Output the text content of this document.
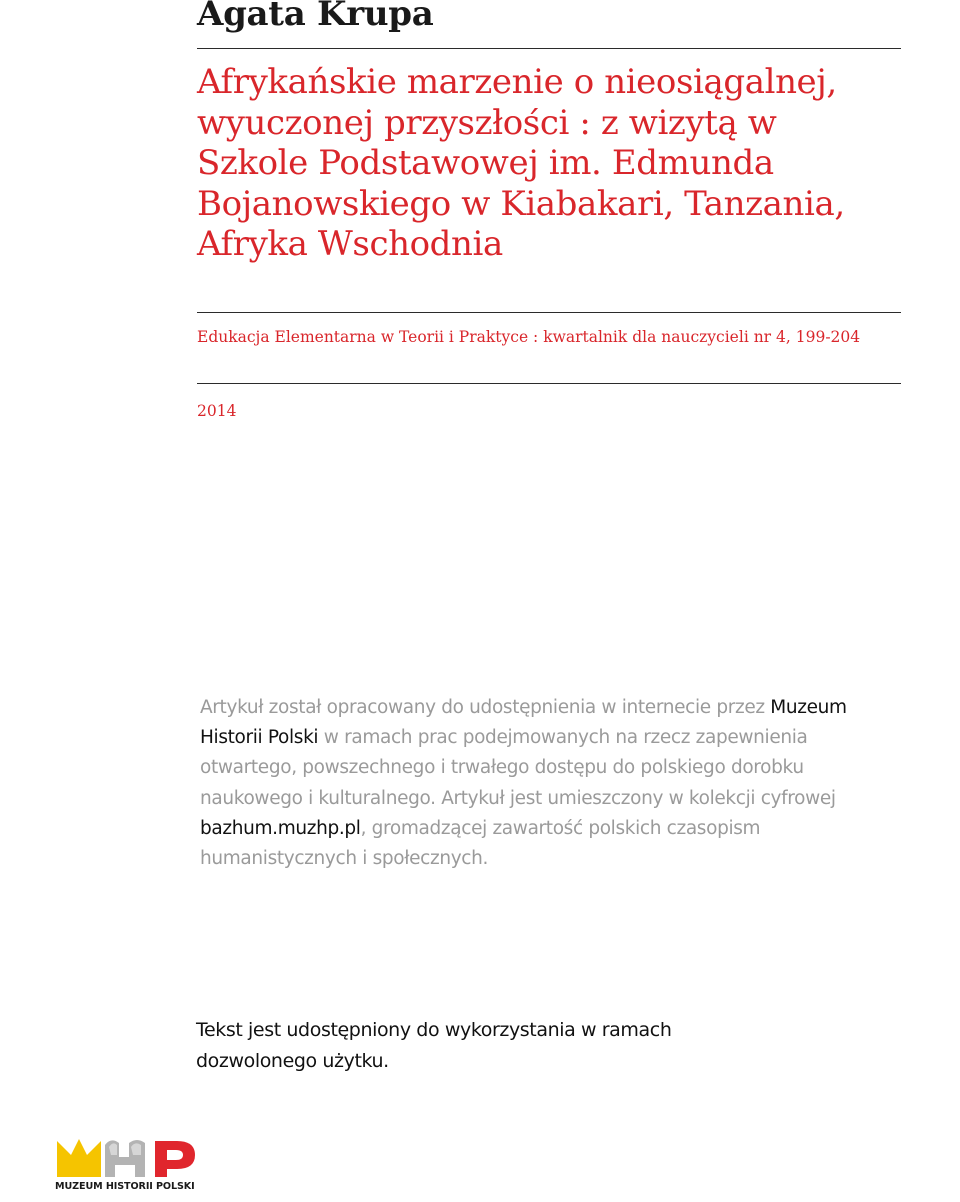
Agata Krupa
Afrykańskie marzenie o nieosiągalnej, wyuczonej przyszłości : z wizytą w Szkole Podstawowej im. Edmunda Bojanowskiego w Kiabakari, Tanzania, Afryka Wschodnia
Edukacja Elementarna w Teorii i Praktyce : kwartalnik dla nauczycieli nr 4, 199-204
2014
Artykuł został opracowany do udostępnienia w internecie przez Muzeum Historii Polski w ramach prac podejmowanych na rzecz zapewnienia otwartego, powszechnego i trwałego dostępu do polskiego dorobku naukowego i kulturalnego. Artykuł jest umieszczony w kolekcji cyfrowej bazhum.muzhp.pl, gromadzącej zawartość polskich czasopism humanistycznych i społecznych.
Tekst jest udostępniony do wykorzystania w ramach dozwolonego użytku.
MUZEUM HISTORII POLSKI
